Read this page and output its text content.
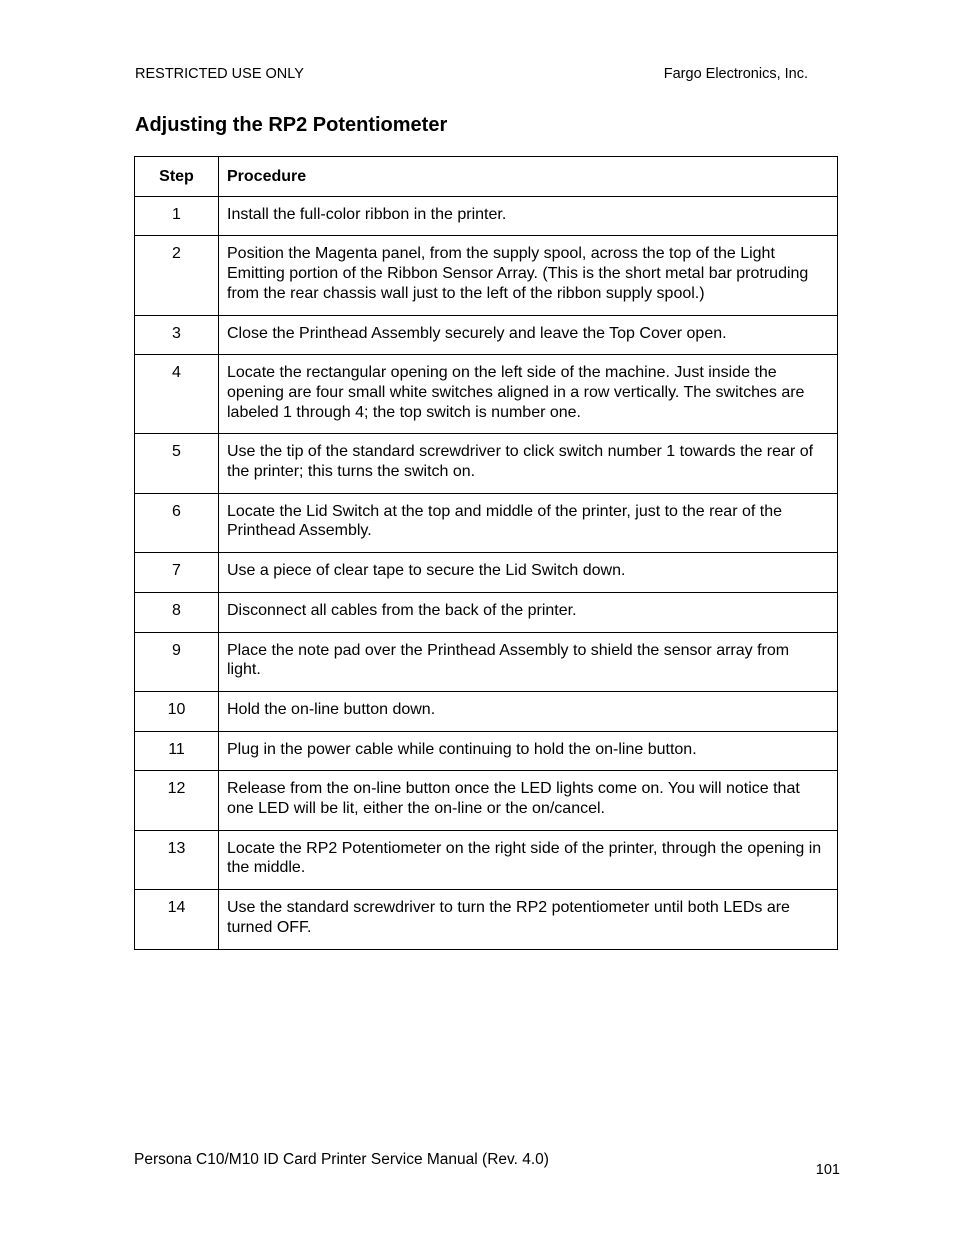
RESTRICTED USE ONLY	Fargo Electronics, Inc.
Adjusting the RP2 Potentiometer
Step	Procedure
1	Install the full-color ribbon in the printer.
2	Position the Magenta panel, from the supply spool, across the top of the Light Emitting portion of the Ribbon Sensor Array. (This is the short metal bar protruding from the rear chassis wall just to the left of the ribbon supply spool.)
3	Close the Printhead Assembly securely and leave the Top Cover open.
4	Locate the rectangular opening on the left side of the machine. Just inside the opening are four small white switches aligned in a row vertically. The switches are labeled 1 through 4; the top switch is number one.
5	Use the tip of the standard screwdriver to click switch number 1 towards the rear of the printer; this turns the switch on.
6	Locate the Lid Switch at the top and middle of the printer, just to the rear of the Printhead Assembly.
7	Use a piece of clear tape to secure the Lid Switch down.
8	Disconnect all cables from the back of the printer.
9	Place the note pad over the Printhead Assembly to shield the sensor array from light.
10	Hold the on-line button down.
11	Plug in the power cable while continuing to hold the on-line button.
12	Release from the on-line button once the LED lights come on. You will notice that one LED will be lit, either the on-line or the on/cancel.
13	Locate the RP2 Potentiometer on the right side of the printer, through the opening in the middle.
14	Use the standard screwdriver to turn the RP2 potentiometer until both LEDs are turned OFF.
Persona C10/M10 ID Card Printer Service Manual (Rev. 4.0)
101
